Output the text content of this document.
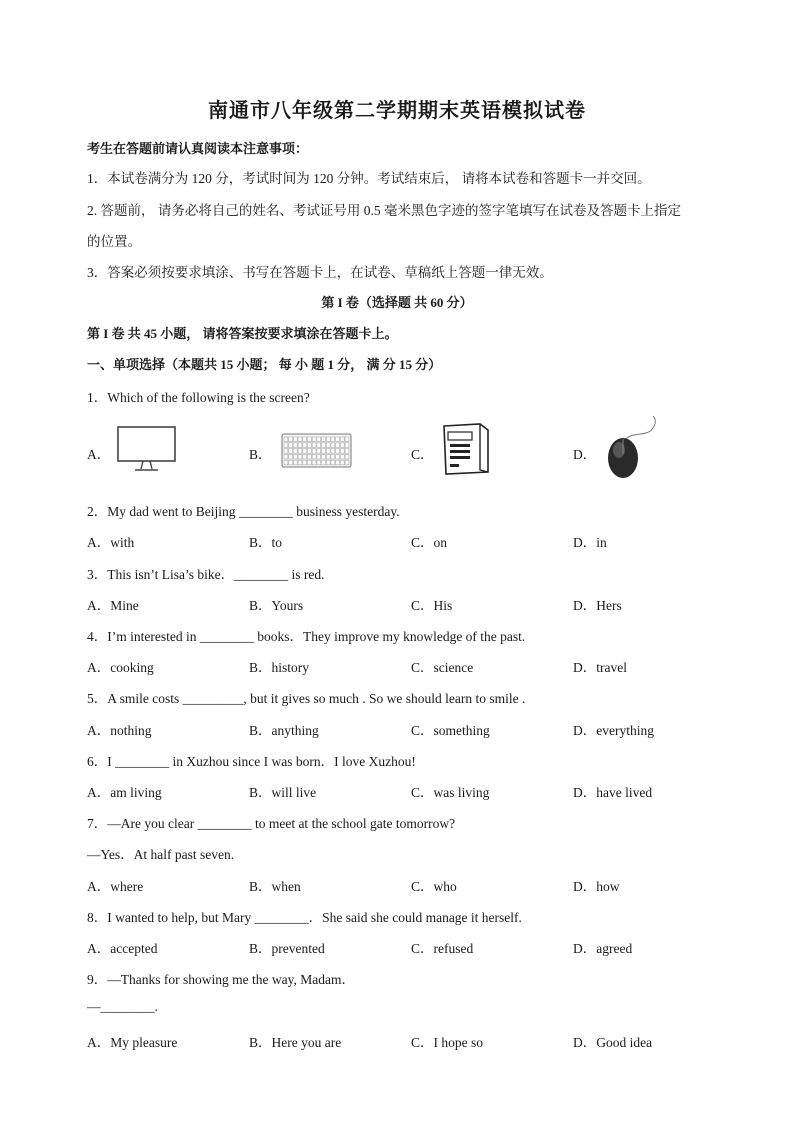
南通市八年级第二学期期末英语模拟试卷
考生在答题前请认真阅读本注意事项：
1．本试卷满分为 120 分，考试时间为 120 分钟。考试结束后， 请将本试卷和答题卡一并交回。
2. 答题前， 请务必将自己的姓名、考试证号用 0.5 毫米黑色字迹的签字笔填写在试卷及答题卡上指定
的位置。
3．答案必须按要求填涂、书写在答题卡上，在试卷、草稿纸上答题一律无效。
第 I 卷（选择题 共 60 分）
第 I 卷 共 45 小题， 请将答案按要求填涂在答题卡上。
一、单项选择（本题共 15 小题； 每 小 题 1 分， 满 分 15 分）
1．Which of the following is the screen?
A．	B．	C．	D．
2．My dad went to Beijing ________ business yesterday.
A．with	B．to	C．on	D．in
3．This isn’t Lisa’s bike．________ is red.
A．Mine	B．Yours	C．His	D．Hers
4．I’m interested in ________ books．They improve my knowledge of the past.
A．cooking	B．history	C．science	D．travel
5．A smile costs _________, but it gives so much . So we should learn to smile .
A．nothing	B．anything	C．something	D．everything
6．I ________ in Xuzhou since I was born．I love Xuzhou!
A．am living	B．will live	C．was living	D．have lived
7．—Are you clear ________ to meet at the school gate tomorrow?
—Yes．At half past seven.
A．where	B．when	C．who	D．how
8．I wanted to help, but Mary ________．She said she could manage it herself.
A．accepted	B．prevented	C．refused	D．agreed
9．—Thanks for showing me the way, Madam．
—________.
A．My pleasure	B．Here you are	C．I hope so	D．Good idea
